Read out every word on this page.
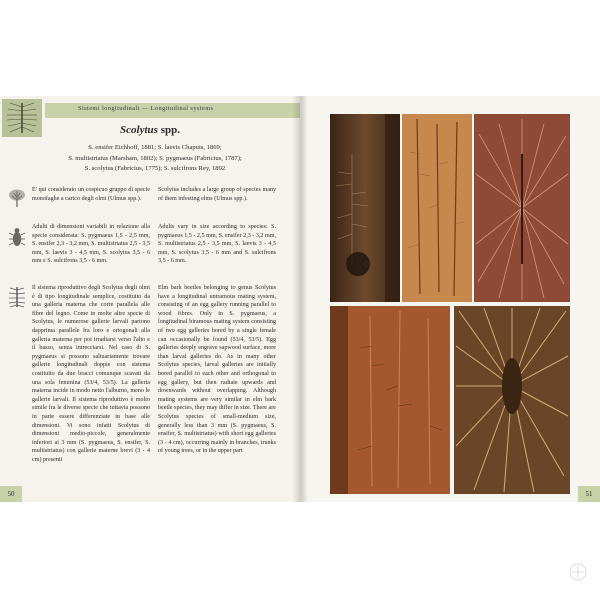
Sistemi longitudinali — Longitudinal systems
Scolytus spp.
S. ensifer Eichhoff, 1881; S. laevis Chapuis, 1869;
S. multistriatus (Marsham, 1802); S. pygmaeus (Fabricius, 1787);
S. scolytus (Fabricius, 1775); S. sulcifrons Rey, 1892
E' qui considerato un cospicuo gruppo di specie monofaghe a carico degli olmi (Ulmus spp.).
Scolytus includes a large group of species many of them infesting elms (Ulmus spp.).
Adulti di dimensioni variabili in relazione alla specie considerata: S. pygmaeus 1,5 - 2,5 mm, S. ensifer 2,3 - 3,2 mm, S. multistriatus 2,5 - 3,5 mm, S. laevis 3 - 4,5 mm, S. scolytus 3,5 - 6 mm e S. sulcifrons 3,5 - 6 mm.
Adults vary in size according to species: S. pygmaeus 1,5 - 2,5 mm, S. ensifer 2,3 - 3,2 mm, S. multistriatus 2,5 - 3,5 mm, S. laevis 3 - 4,5 mm, S. scolytus 3,5 - 6 mm and S. sulcifrons 3,5 - 6 mm.
Il sistema riproduttivo degli Scolytus degli olmi è di tipo longitudinale semplice, costituito da una galleria materna che corre parallela alle fibre del legno. Come in molte altre specie di Scolytus, le numerose gallerie larvali partono dapprima parallele fra loro e ortogonali alla galleria materna per poi irradiarsi verso l'alto e il basso, senza intrecciarsi. Nel caso di S. pygmaeus si possono saltuariamente trovare gallerie longitudinali doppie con sistema costituito da due bracci comunque scavati da una sola femmina (53/4, 53/5). La galleria materna incide in modo netto l'alburno, meno le gallerie larvali. Il sistema riproduttivo è molto simile fra le diverse specie che tuttavia possono in parte essere differenziate in base alle dimensioni. Vi sono infatti Scolytus di dimensioni medio-piccole, generalmente inferiori ai 3 mm (S. pygmaeus, S. ensifer, S. multistriatus) con gallerie materne brevi (3 - 4 cm) presenti
Elm bark beetles belonging to genus Scolytus have a longitudinal uniramous mating system, consisting of an egg gallery running parallel to wood fibres. Only in S. pygmaeus, a longitudinal biramous mating system consisting of two egg galleries bored by a single female can occasionally be found (53/4, 53/5). Egg galleries deeply engrave sapwood surface, more than larval galleries do. As in many other Scolytus species, larval galleries are initially bored parallel to each other and orthogonal to egg gallery, but then radiate upwards and downwards without overlapping. Although mating systems are very similar in elm bark beetle species, they may differ in size. There are Scolytus species of small-medium size, generally less than 3 mm (S. pygmaeus, S. ensifer, S. multistriatus) with short egg galleries (3 - 4 cm), occurring mainly in branches, trunks of young trees, or in the upper part
50	51
